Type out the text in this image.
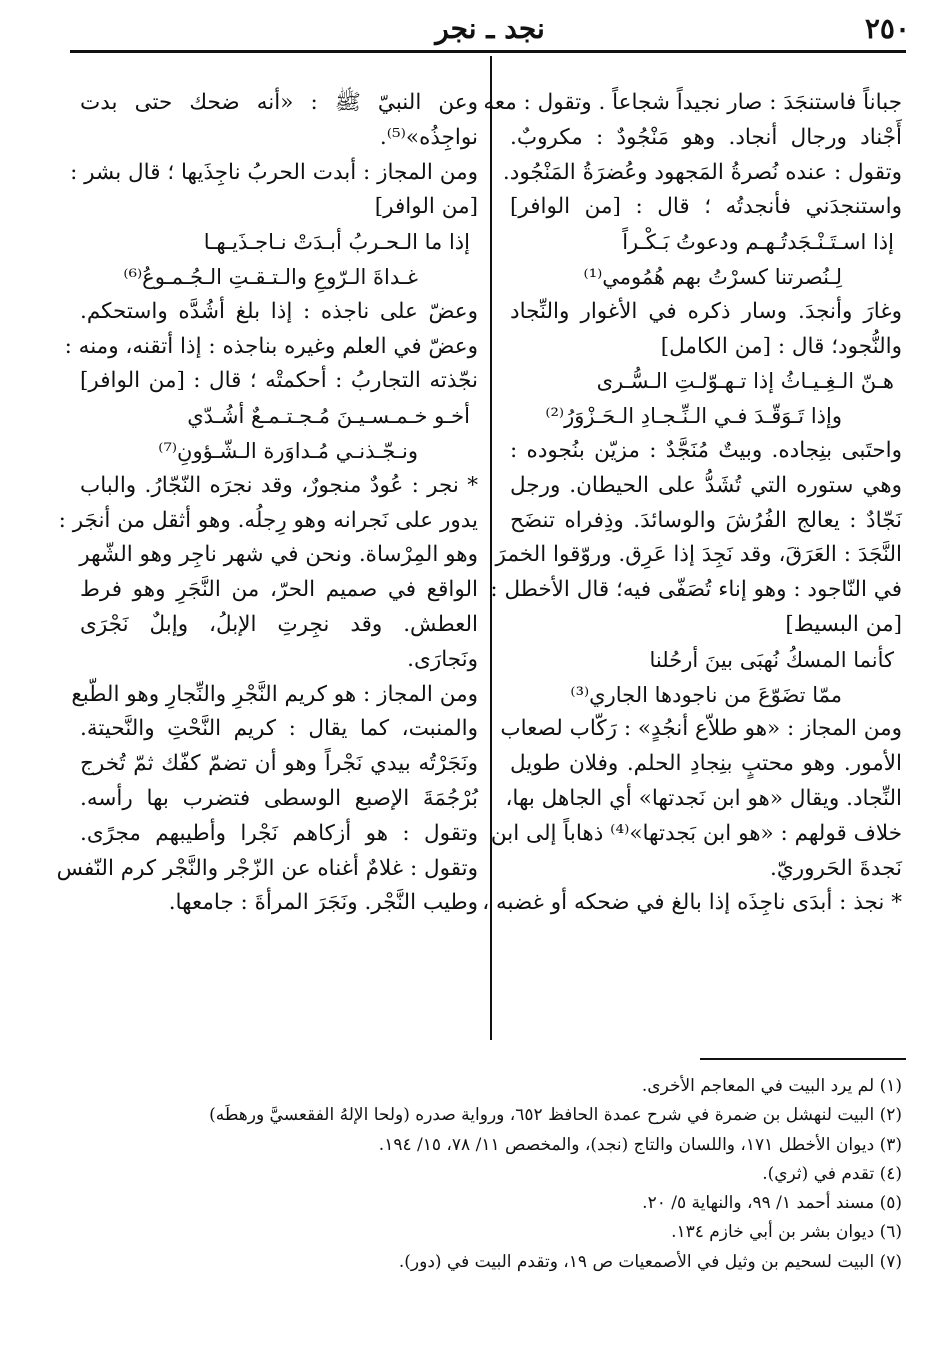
٢٥٠
نجد ـ نجر
جباناً فاستنجَدَ : صار نجيداً شجاعاً . وتقول : معه
أَجْناد ورجال أنجاد. وهو مَنْجُودٌ : مكروبٌ.
وتقول : عنده نُصرةُ المَجهود وعُضرَةُ المَنْجُود.
واستنجدَني فأنجدتُه ؛ قال : [من الوافر]
إذا اسـتَـنْـجَدتُـهـم ودعوتُ بَـكْـراً
لِـنُصرتنا كسرْتُ بهم هُمُومي⁽¹⁾
وغارَ وأنجدَ. وسار ذكره في الأغوار والنِّجاد
والنُّجود؛ قال : [من الكامل]
هـنّ الـغِـيـاثُ إذا تـهـوّلـتِ الـسُّـرى
وإذا تَـوَقّـدَ فـي الـنِّـجـادِ الـحَـزْوَرُ⁽²⁾
واحتَبى بنِجاده. وبيتٌ مُنَجَّدٌ : مزيّن بنُجوده :
وهي ستوره التي تُشَدُّ على الحيطان. ورجل
نَجّادٌ : يعالج الفُرُشَ والوسائدَ. وذِفراه تنضَح
النَّجَدَ : العَرَقَ، وقد نَجِدَ إذا عَرِق. وروّقوا الخمرَ
في النّاجود : وهو إناء تُصَفّى فيه؛ قال الأخطل :
[من البسيط]
كأنما المسكُ نُهبَى بينَ أرحُلنا
ممّا تضَوّعَ من ناجودها الجاري⁽³⁾
ومن المجاز : «هو طلاّع أنجُدٍ» : رَكّاب لصعاب
الأمور. وهو محتبٍ بنِجادِ الحلم. وفلان طويل
النِّجاد. ويقال «هو ابن نَجدتها» أي الجاهل بها،
خلاف قولهم : «هو ابن بَجدتها»⁽⁴⁾ ذهاباً إلى ابن
نَجدةَ الحَروريّ.
* نجذ : أبدَى ناجِذَه إذا بالغ في ضحكه أو غضبه ،
وعن النبيّ ﷺ : «أنه ضحك حتى بدت
نواجِذُه»⁽⁵⁾.
ومن المجاز : أبدت الحربُ ناجِذَيها ؛ قال بشر :
[من الوافر]
إذا ما الـحـربُ أبـدَتْ نـاجـذَيـهـا
غـداةَ الـرّوعِ والـتـقـتِ الـجُـمـوعُ⁽⁶⁾
وعضّ على ناجذه : إذا بلغ أشُدَّه واستحكم.
وعضّ في العلم وغيره بناجذه : إذا أتقنه، ومنه :
نجّذته التجاربُ : أحكمتْه ؛ قال : [من الوافر]
أخـو خـمـسـيـنَ مُـجـتـمـعٌ أشُـدّي
ونـجّـذنـي مُـداوَرة الـشّـؤونِ⁽⁷⁾
* نجر : عُودٌ منجورٌ، وقد نجرَه النّجّارُ. والباب
يدور على نَجرانه وهو رِجلُه. وهو أثقل من أنجَر :
وهو المِرْساة. ونحن في شهر ناجِر وهو الشّهر
الواقع في صميم الحرّ، من النَّجَرِ وهو فرط
العطش. وقد نجِرتِ الإبلُ، وإبلٌ نَجْرَى
ونَجارَى.
ومن المجاز : هو كريم النَّجْرِ والنِّجارِ وهو الطّبع
والمنبت، كما يقال : كريم النَّحْتِ والنَّحيتة.
ونَجَرْتُه بيدي نَجْراً وهو أن تضمّ كفّك ثمّ تُخرج
بُرْجُمَةَ الإصبع الوسطى فتضرب بها رأسه.
وتقول : هو أزكاهم نَجْرا وأطيبهم مجرًى.
وتقول : غلامٌ أغناه عن الزّجْر والنَّجْر كرم النّفس
وطيب النَّجْر. ونَجَرَ المرأةَ : جامعها.
(١) لم يرد البيت في المعاجم الأخرى.
(٢) البيت لنهشل بن ضمرة في شرح عمدة الحافظ ٦٥٢، ورواية صدره (ولحا الإلهُ الفقعسيَّ ورهطَه)
(٣) ديوان الأخطل ١٧١، واللسان والتاج (نجد)، والمخصص ١١/ ٧٨، ١٥/ ١٩٤.
(٤) تقدم في (ثري).
(٥) مسند أحمد ١/ ٩٩، والنهاية ٥/ ٢٠.
(٦) ديوان بشر بن أبي خازم ١٣٤.
(٧) البيت لسحيم بن وثيل في الأصمعيات ص ١٩، وتقدم البيت في (دور).
